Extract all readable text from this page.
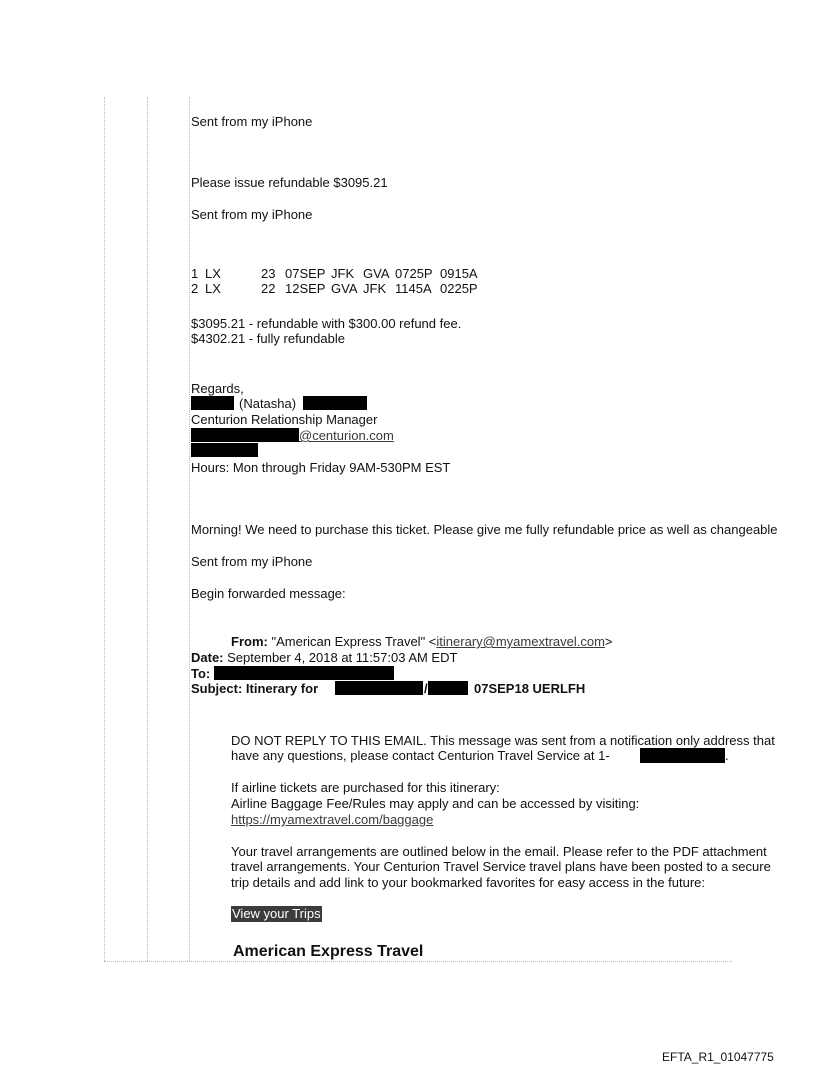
Sent from my iPhone

Please issue refundable $3095.21

Sent from my iPhone

1	LX	23	07SEP	JFK	GVA	0725P	0915A
2	LX	22	12SEP	GVA	JFK	1145A	0225P

$3095.21 - refundable with $300.00 refund fee.

$4302.21 - fully refundable

Regards,

(Natasha)

Centurion Relationship Manager

@centurion.com

Hours: Mon through Friday 9AM-530PM EST

Morning! We need to purchase this ticket. Please give me fully refundable price as well as changeable

Sent from my iPhone

Begin forwarded message:

From: "American Express Travel" <itinerary@myamextravel.com>

Date: September 4, 2018 at 11:57:03 AM EDT

To:

Subject: Itinerary for	/	07SEP18 UERLFH

DO NOT REPLY TO THIS EMAIL. This message was sent from a notification only address that

have any questions, please contact Centurion Travel Service at 1-	.

If airline tickets are purchased for this itinerary:

Airline Baggage Fee/Rules may apply and can be accessed by visiting:

https://myamextravel.com/baggage

Your travel arrangements are outlined below in the email. Please refer to the PDF attachment

travel arrangements. Your Centurion Travel Service travel plans have been posted to a secure

trip details and add link to your bookmarked favorites for easy access in the future:

View your Trips
American Express Travel
EFTA_R1_01047775
